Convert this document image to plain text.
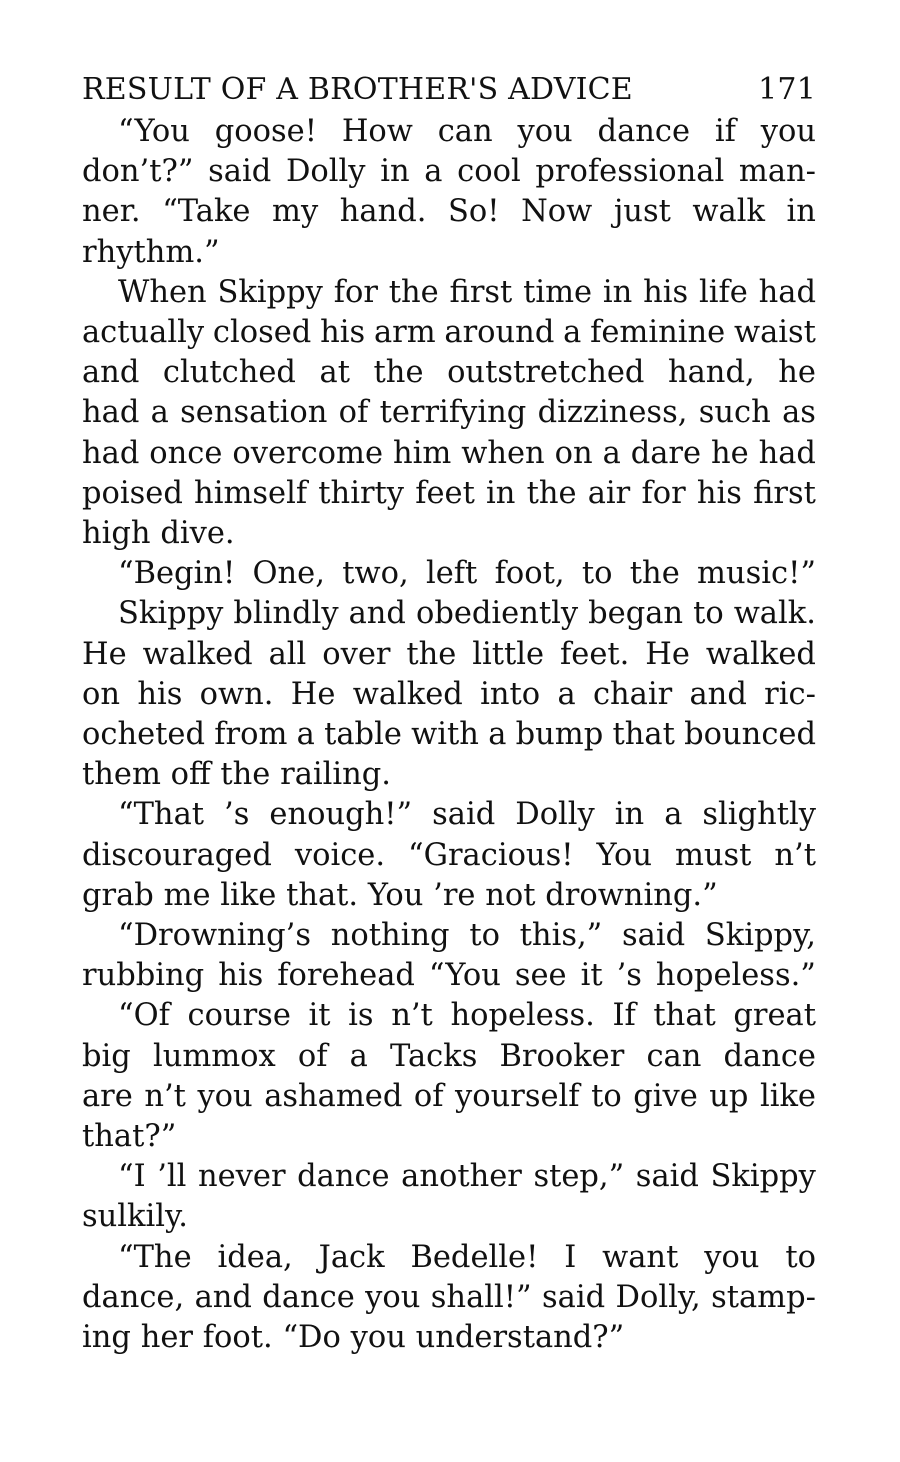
RESULT OF A BROTHER'S ADVICE	171
“You goose! How can you dance if you
don’t?” said Dolly in a cool professional man-
ner. “Take my hand. So! Now just walk in
rhythm.”
When Skippy for the first time in his life had
actually closed his arm around a feminine waist
and clutched at the outstretched hand, he
had a sensation of terrifying dizziness, such as
had once overcome him when on a dare he had
poised himself thirty feet in the air for his first
high dive.
“Begin! One, two, left foot, to the music!”
Skippy blindly and obediently began to walk.
He walked all over the little feet. He walked
on his own. He walked into a chair and ric-
ocheted from a table with a bump that bounced
them off the railing.
“That ’s enough!” said Dolly in a slightly
discouraged voice. “Gracious! You must n’t
grab me like that. You ’re not drowning.”
“Drowning’s nothing to this,” said Skippy,
rubbing his forehead “You see it ’s hopeless.”
“Of course it is n’t hopeless. If that great
big lummox of a Tacks Brooker can dance
are n’t you ashamed of yourself to give up like
that?”
“I ’ll never dance another step,” said Skippy
sulkily.
“The idea, Jack Bedelle! I want you to
dance, and dance you shall!” said Dolly, stamp-
ing her foot. “Do you understand?”
